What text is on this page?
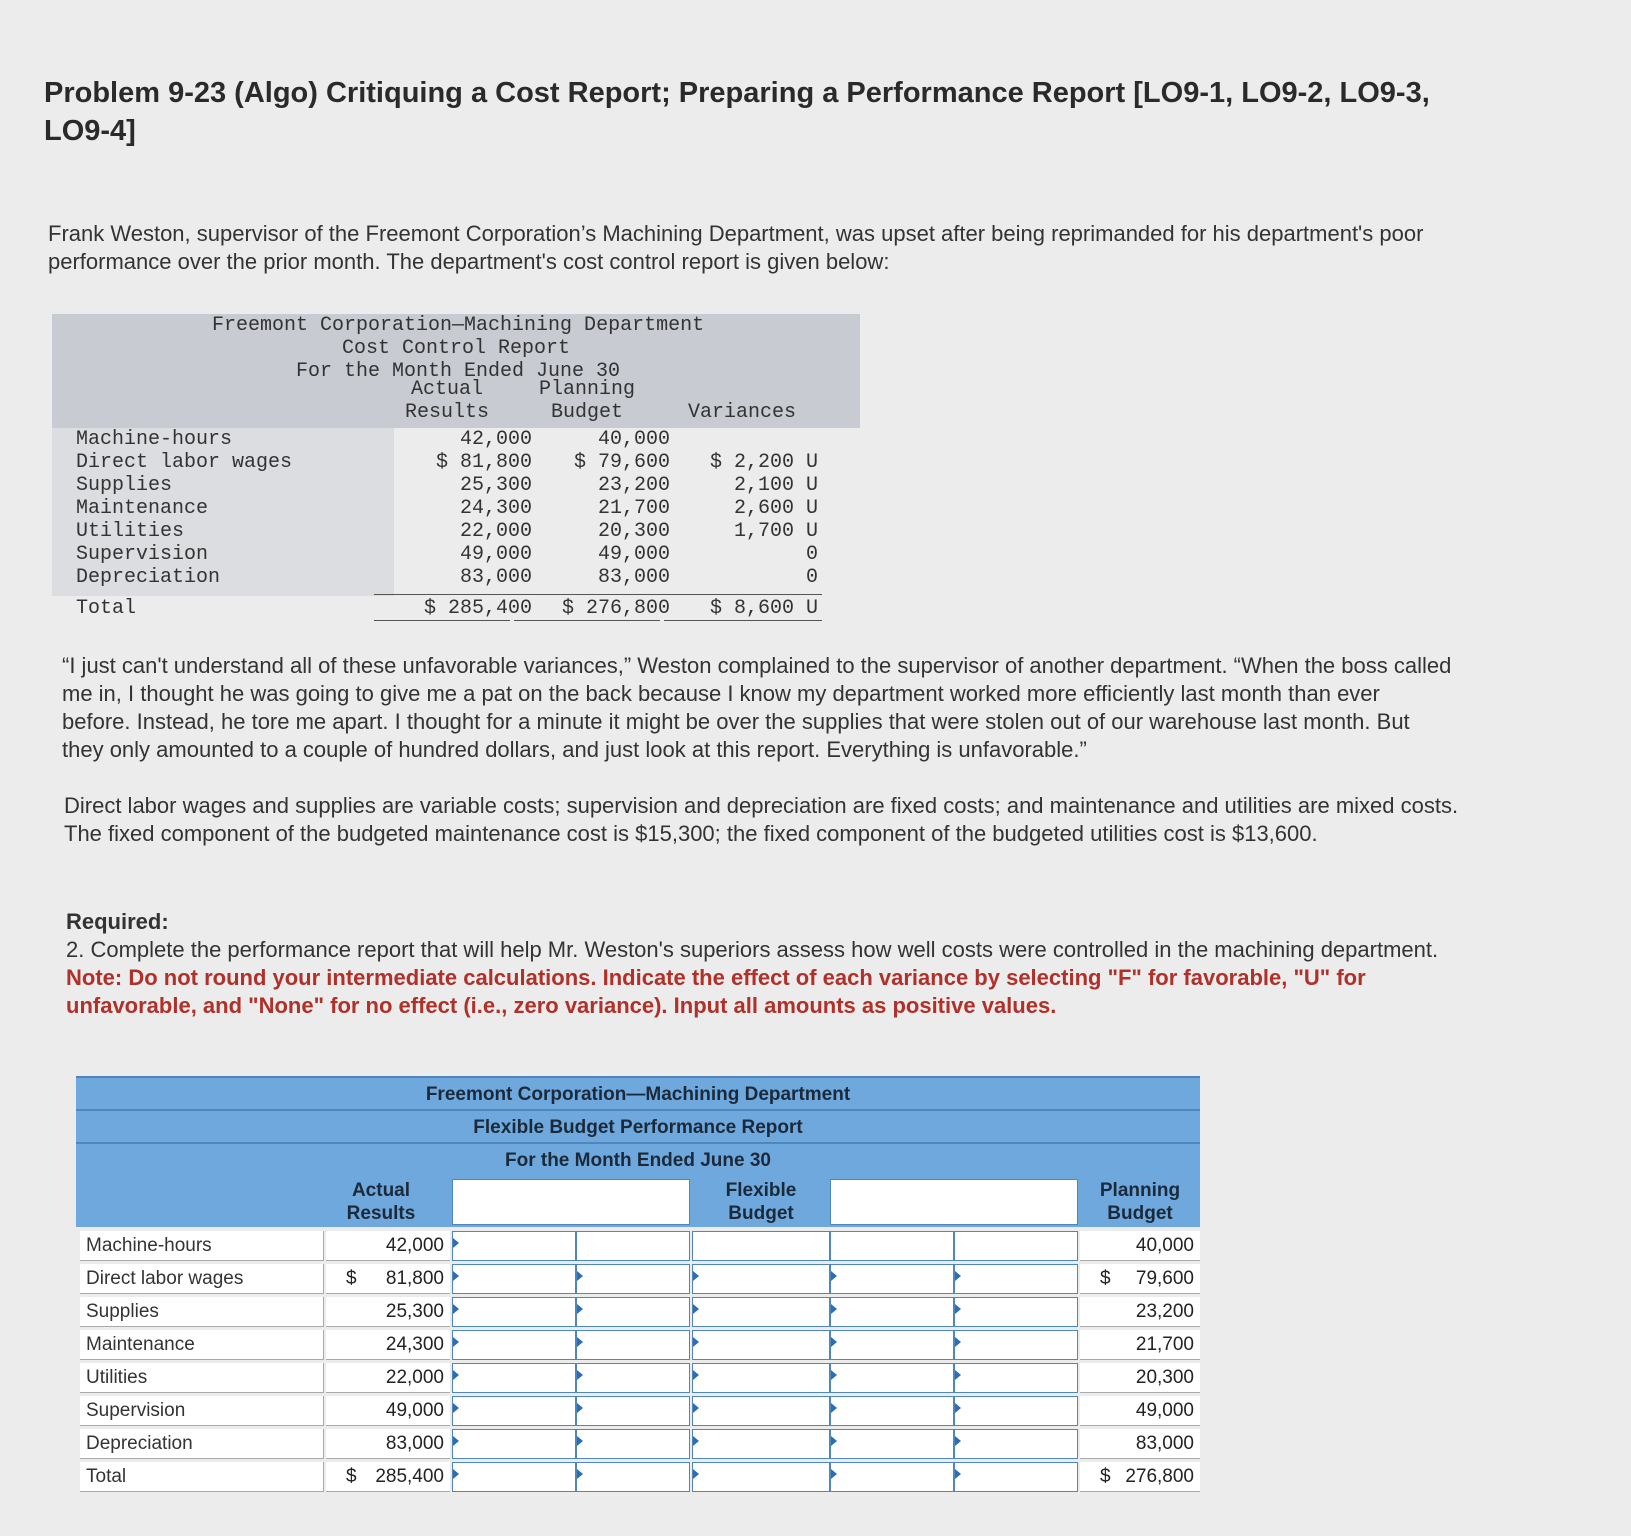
Problem 9-23 (Algo) Critiquing a Cost Report; Preparing a Performance Report [LO9-1, LO9-2, LO9-3, LO9-4]
Frank Weston, supervisor of the Freemont Corporation’s Machining Department, was upset after being reprimanded for his department's poor performance over the prior month. The department's cost control report is given below:
Freemont Corporation—Machining Department
Cost Control Report
For the Month Ended June 30
Actual
Results
Planning
Budget	Variances
Machine-hours	42,000	40,000
Direct labor wages	$ 81,800 $ 79,600 $ 2,200 U
Supplies	25,300	23,200	2,100 U
Maintenance	24,300	21,700	2,600 U
Utilities	22,000	20,300	1,700 U
Supervision	49,000	49,000	0
Depreciation	83,000	83,000	0
Total	$ 285,400 $ 276,800 $ 8,600 U
“I just can't understand all of these unfavorable variances,” Weston complained to the supervisor of another department. “When the boss called me in, I thought he was going to give me a pat on the back because I know my department worked more efficiently last month than ever before. Instead, he tore me apart. I thought for a minute it might be over the supplies that were stolen out of our warehouse last month. But they only amounted to a couple of hundred dollars, and just look at this report. Everything is unfavorable.”
Direct labor wages and supplies are variable costs; supervision and depreciation are fixed costs; and maintenance and utilities are mixed costs. The fixed component of the budgeted maintenance cost is $15,300; the fixed component of the budgeted utilities cost is $13,600.
Required:
2. Complete the performance report that will help Mr. Weston's superiors assess how well costs were controlled in the machining department.
Note: Do not round your intermediate calculations. Indicate the effect of each variance by selecting "F" for favorable, "U" for unfavorable, and "None" for no effect (i.e., zero variance). Input all amounts as positive values.
Freemont Corporation—Machining Department
Flexible Budget Performance Report
For the Month Ended June 30
Actual
Results
Flexible
Budget
Planning
Budget
Machine-hours	42,000	40,000
Direct labor wages	$ 81,800	$ 79,600
Supplies	25,300	23,200
Maintenance	24,300	21,700
Utilities	22,000	20,300
Supervision	49,000	49,000
Depreciation	83,000	83,000
Total	$ 285,400	$ 276,800
